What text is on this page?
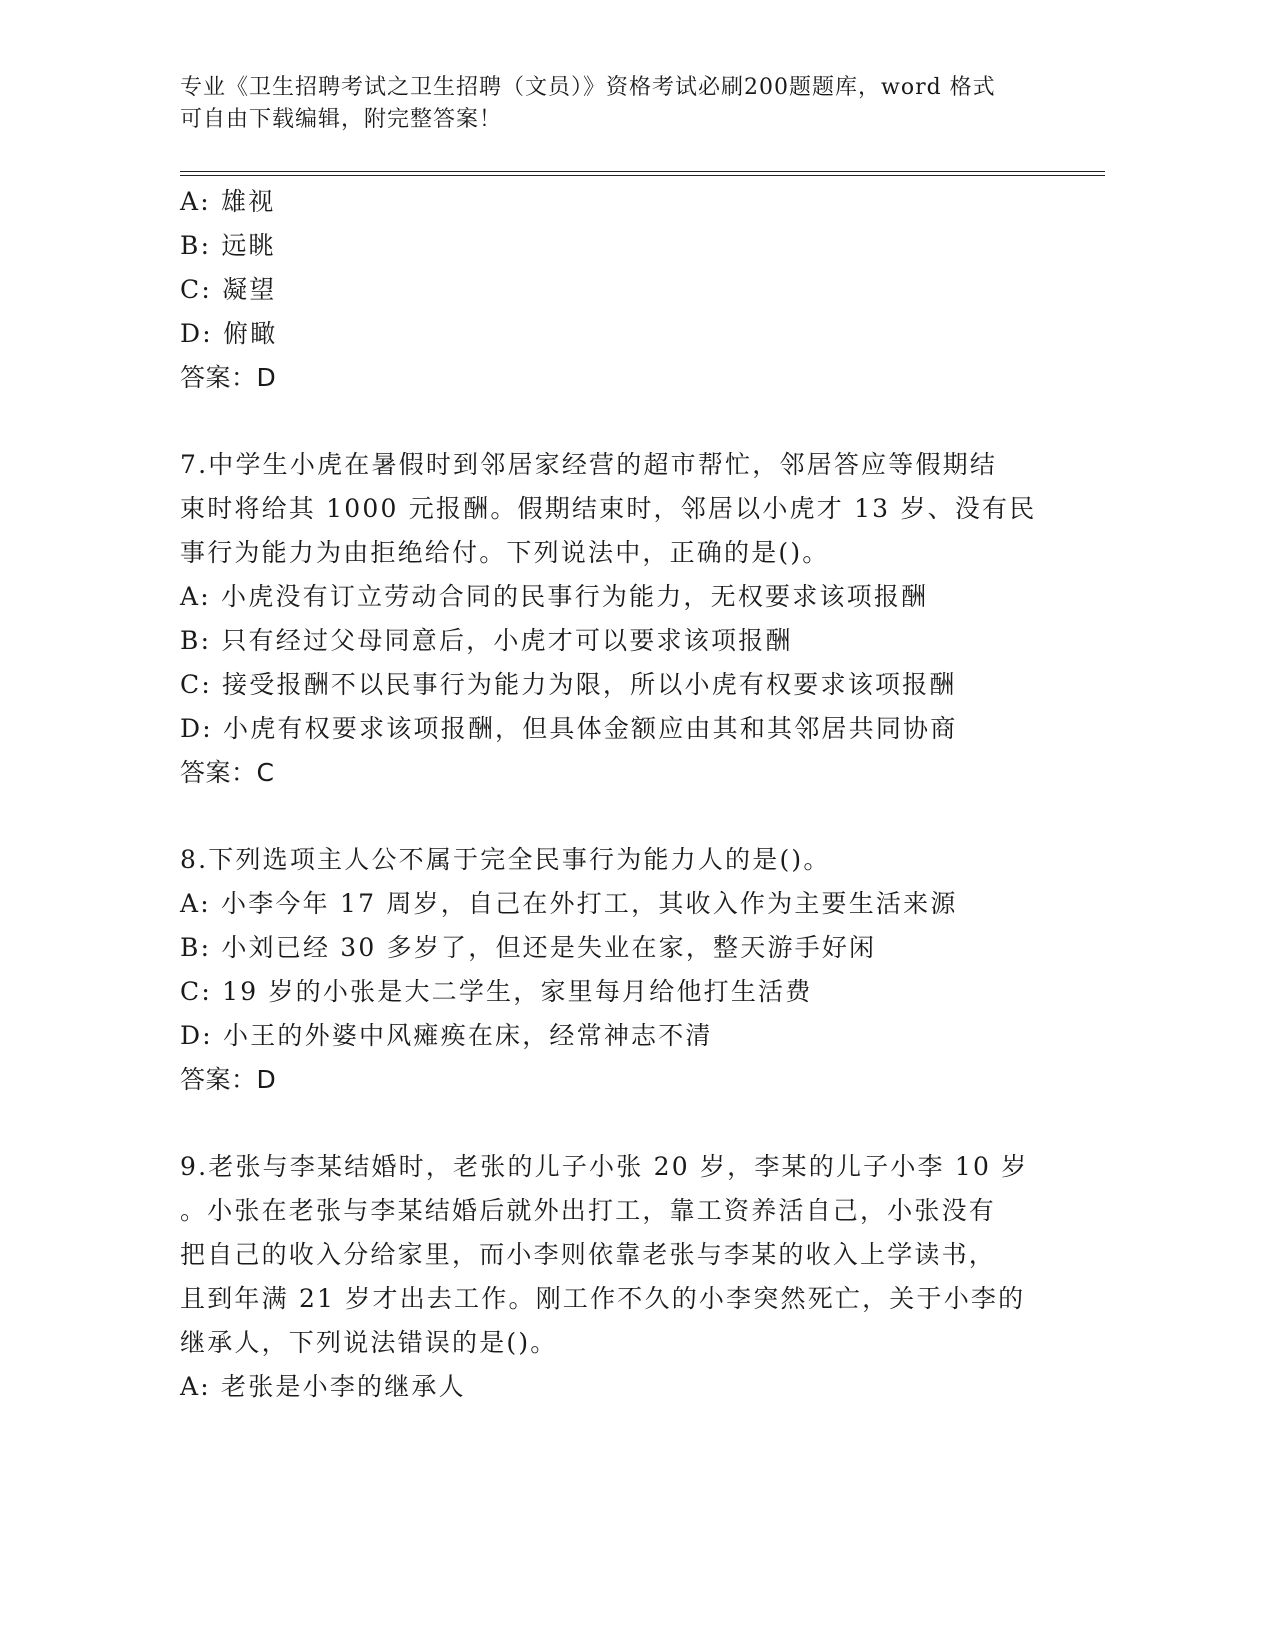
专业《卫生招聘考试之卫生招聘（文员）》资格考试必刷200题题库，word 格式
可自由下载编辑，附完整答案！
A: 雄视
B: 远眺
C: 凝望
D: 俯瞰
答案：D
7.中学生小虎在暑假时到邻居家经营的超市帮忙，邻居答应等假期结
束时将给其 1000 元报酬。假期结束时，邻居以小虎才 13 岁、没有民
事行为能力为由拒绝给付。下列说法中，正确的是()。
A: 小虎没有订立劳动合同的民事行为能力，无权要求该项报酬
B: 只有经过父母同意后，小虎才可以要求该项报酬
C: 接受报酬不以民事行为能力为限，所以小虎有权要求该项报酬
D: 小虎有权要求该项报酬，但具体金额应由其和其邻居共同协商
答案：C
8.下列选项主人公不属于完全民事行为能力人的是()。
A: 小李今年 17 周岁，自己在外打工，其收入作为主要生活来源
B: 小刘已经 30 多岁了，但还是失业在家，整天游手好闲
C: 19 岁的小张是大二学生，家里每月给他打生活费
D: 小王的外婆中风瘫痪在床，经常神志不清
答案：D
9.老张与李某结婚时，老张的儿子小张 20 岁，李某的儿子小李 10 岁
。小张在老张与李某结婚后就外出打工，靠工资养活自己，小张没有
把自己的收入分给家里，而小李则依靠老张与李某的收入上学读书，
且到年满 21 岁才出去工作。刚工作不久的小李突然死亡，关于小李的
继承人，下列说法错误的是()。
A: 老张是小李的继承人
